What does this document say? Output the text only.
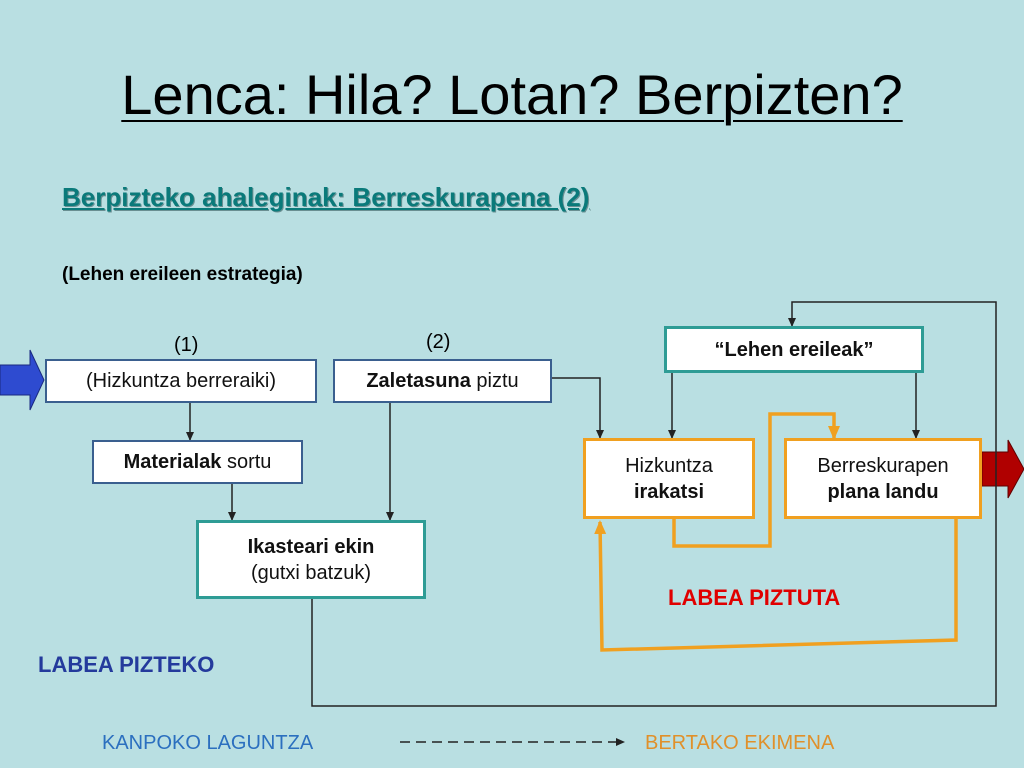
Lenca: Hila? Lotan? Berpizten?
Berpizteko ahaleginak: Berreskurapena (2)
(Lehen ereileen estrategia)
(1)	(2)
(Hizkuntza berreraiki)	Zaletasuna piztu
Materialak sortu
Ikasteari ekin
(gutxi batzuk)
“Lehen ereileak”
Hizkuntza
irakatsi
Berreskurapen
plana landu
LABEA PIZTEKO
LABEA PIZTUTA
KANPOKO LAGUNTZA	BERTAKO EKIMENA
